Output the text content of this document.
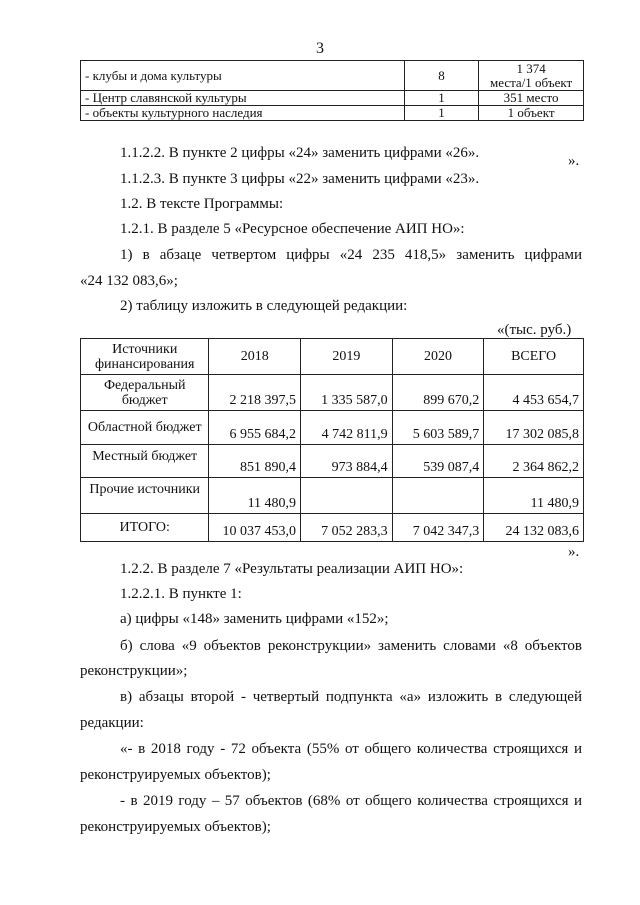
3
- клубы и дома культуры	8	1 374
места/1 объект

- Центр славянской культуры	1	351 место
- объекты культурного наследия	1	1 объект
».
1.1.2.2. В пункте 2 цифры «24» заменить цифрами «26».
1.1.2.3. В пункте 3 цифры «22» заменить цифрами «23».
1.2. В тексте Программы:
1.2.1. В разделе 5 «Ресурсное обеспечение АИП НО»:
1) в абзаце четвертом цифры «24 235 418,5» заменить цифрами
«24 132 083,6»;
2) таблицу изложить в следующей редакции:
«(тыс. руб.)
Источники финансирования	2018	2019	2020	ВСЕГО
Федеральный бюджет	2 218 397,5	1 335 587,0	899 670,2	4 453 654,7
Областной бюджет	6 955 684,2	4 742 811,9	5 603 589,7	17 302 085,8
Местный бюджет	851 890,4	973 884,4	539 087,4	2 364 862,2
Прочие источники	11 480,9			11 480,9
ИТОГО:	10 037 453,0	7 052 283,3	7 042 347,3	24 132 083,6
».
1.2.2. В разделе 7 «Результаты реализации АИП НО»:
1.2.2.1. В пункте 1:
а) цифры «148» заменить цифрами «152»;
б) слова «9 объектов реконструкции» заменить словами «8 объектов
реконструкции»;
в) абзацы второй - четвертый подпункта «а» изложить в следующей
редакции:
«- в 2018 году - 72 объекта (55% от общего количества строящихся и
реконструируемых объектов);
- в 2019 году – 57 объектов (68% от общего количества строящихся и
реконструируемых объектов);
